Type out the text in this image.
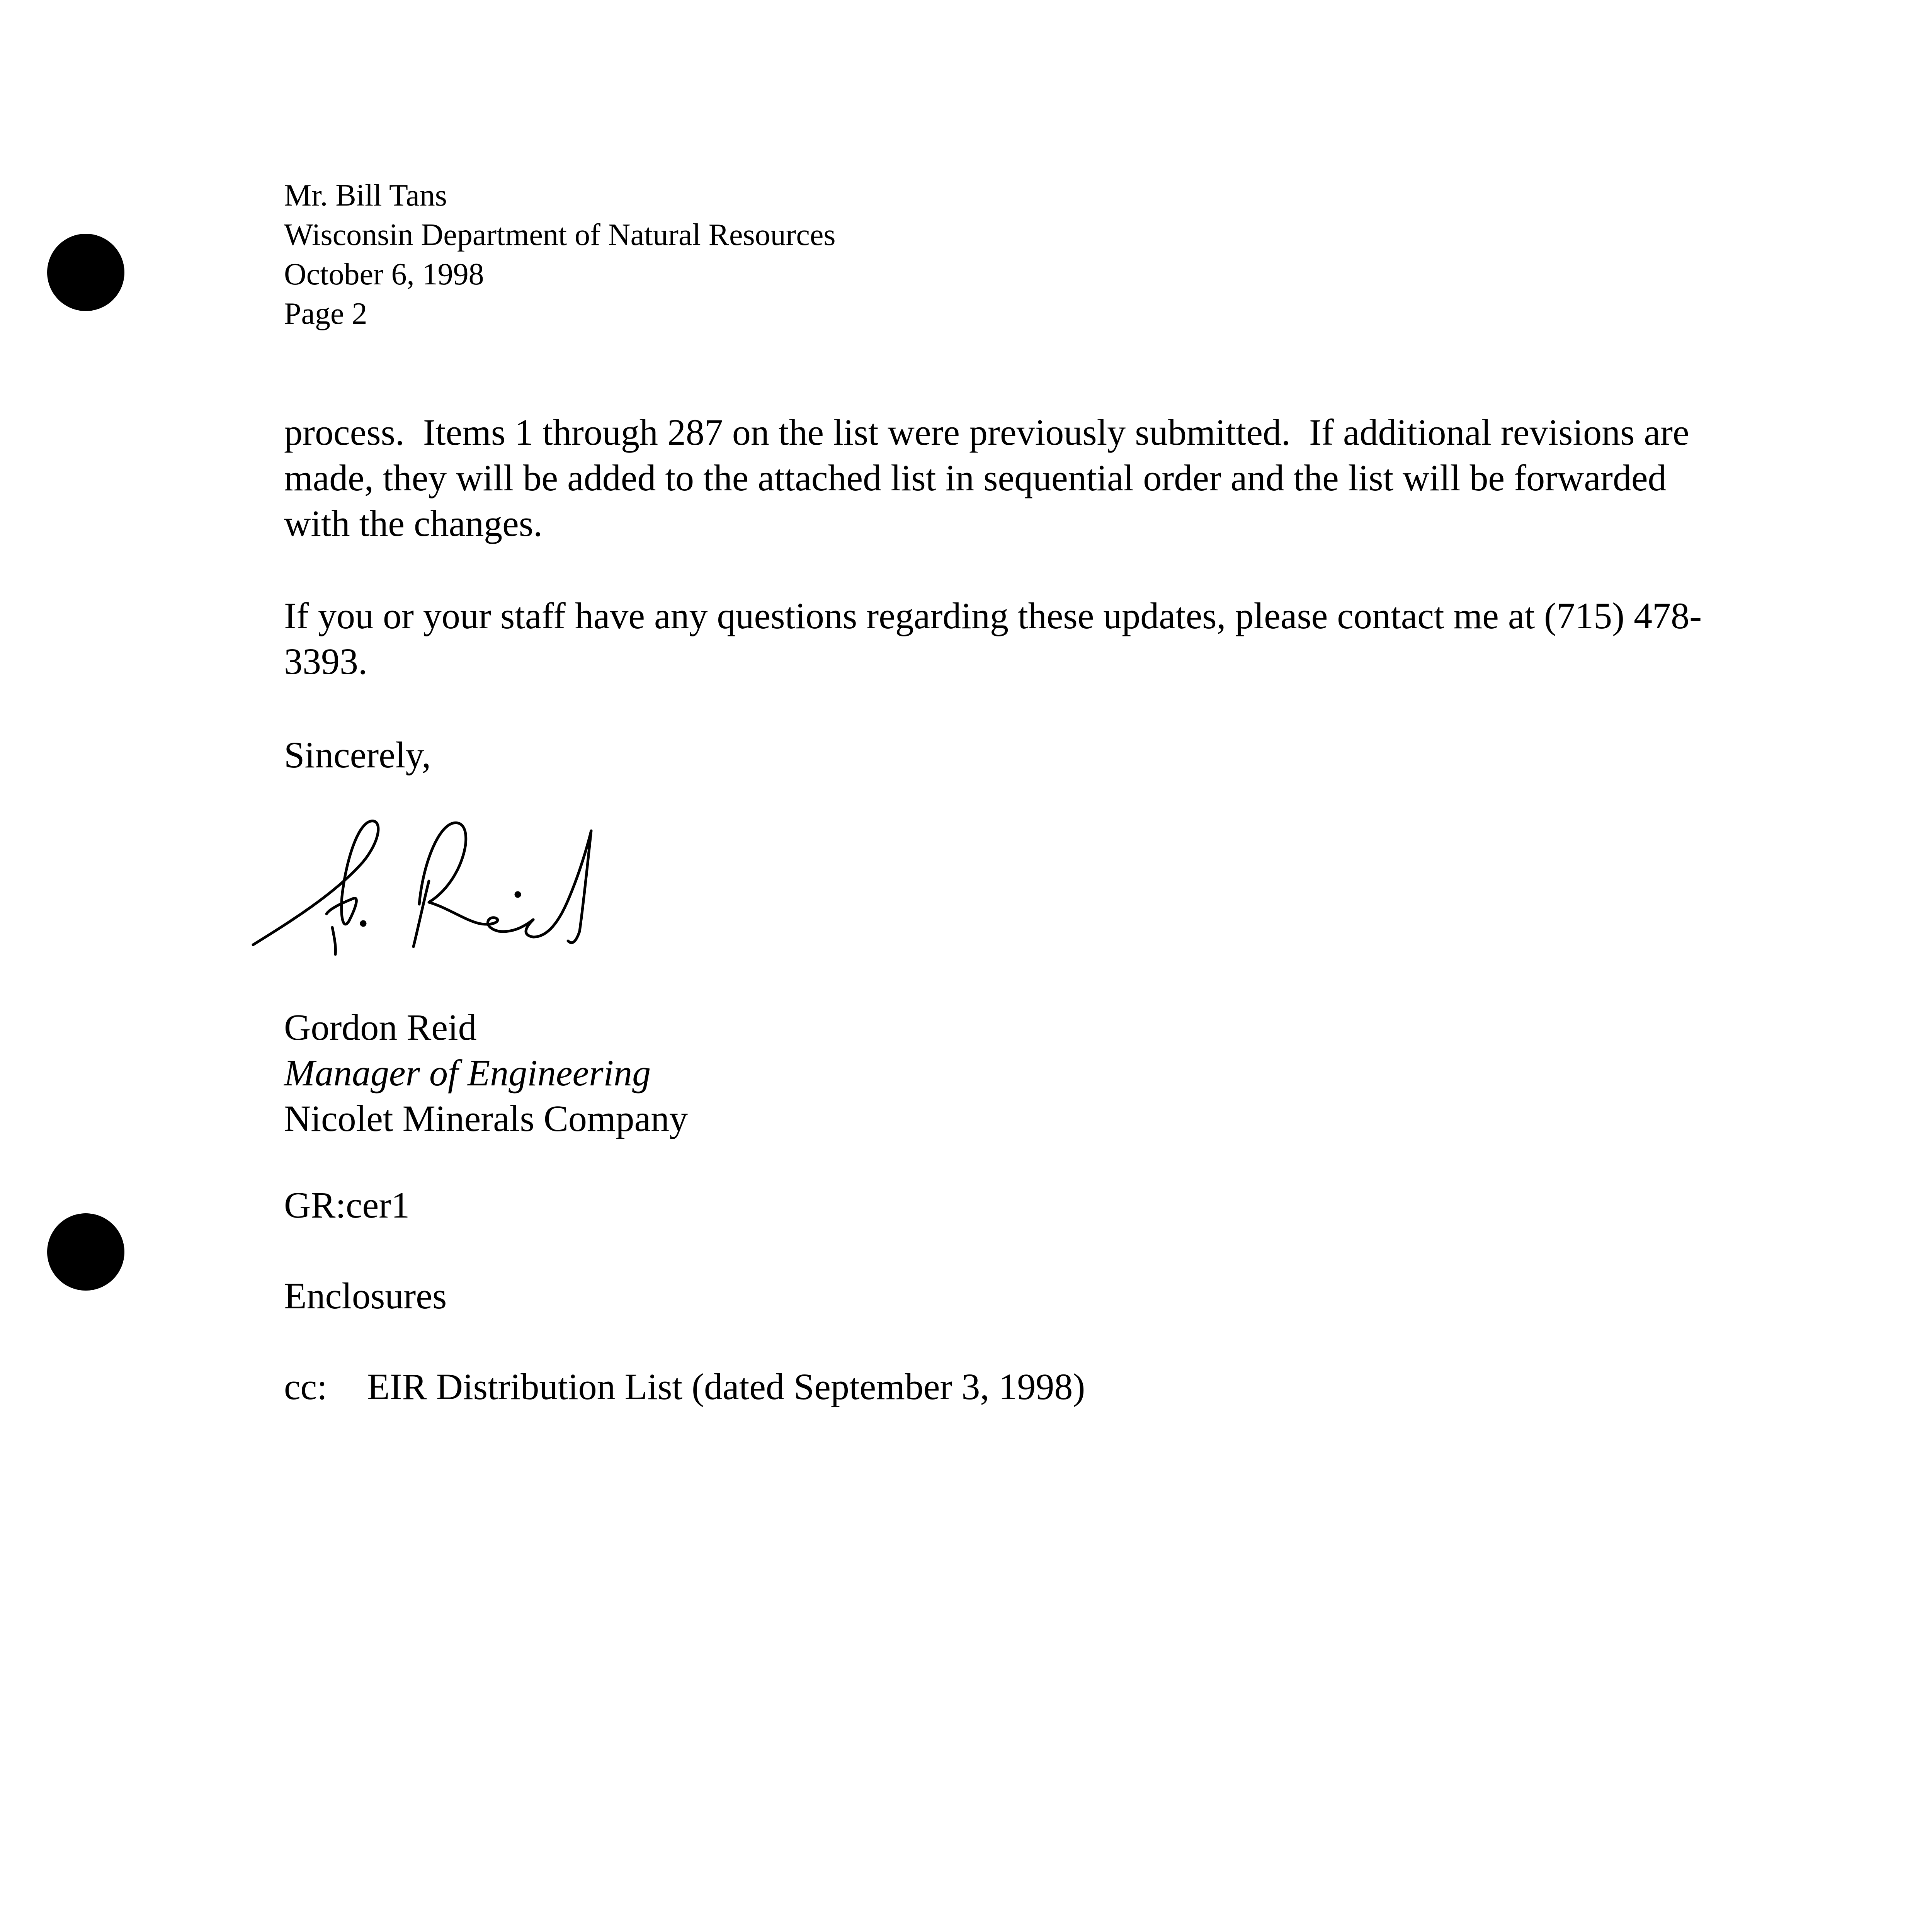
Mr. Bill Tans
Wisconsin Department of Natural Resources
October 6, 1998
Page 2
process.  Items 1 through 287 on the list were previously submitted.  If additional revisions are made, they will be added to the attached list in sequential order and the list will be forwarded with the changes.
If you or your staff have any questions regarding these updates, please contact me at (715) 478-3393.
Sincerely,
Gordon Reid
Manager of Engineering
Nicolet Minerals Company
GR:cer1
Enclosures
cc: EIR Distribution List (dated September 3, 1998)
